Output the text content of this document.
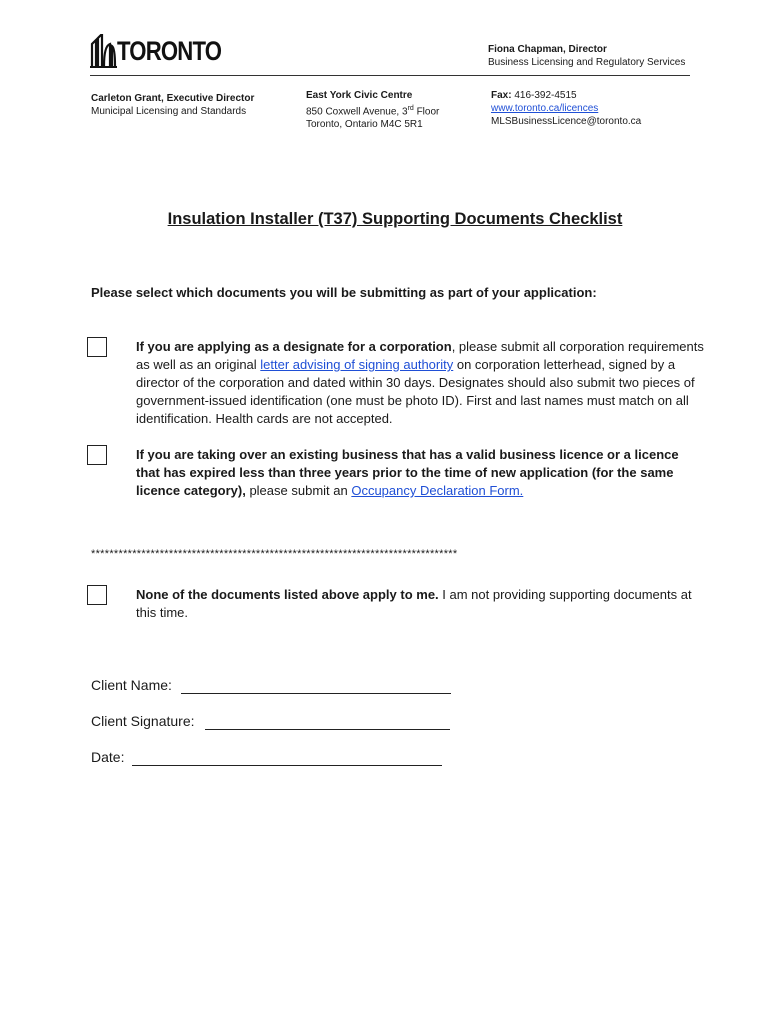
TORONTO	Fiona Chapman, Director
Business Licensing and Regulatory Services
Carleton Grant, Executive Director
Municipal Licensing and Standards
East York Civic Centre
850 Coxwell Avenue, 3rd Floor
Toronto, Ontario M4C 5R1
Fax: 416-392-4515
www.toronto.ca/licences
MLSBusinessLicence@toronto.ca
Insulation Installer (T37) Supporting Documents Checklist
Please select which documents you will be submitting as part of your application:
If you are applying as a designate for a corporation, please submit all corporation requirements as well as an original letter advising of signing authority on corporation letterhead, signed by a director of the corporation and dated within 30 days. Designates should also submit two pieces of government-issued identification (one must be photo ID). First and last names must match on all identification. Health cards are not accepted.
If you are taking over an existing business that has a valid business licence or a licence that has expired less than three years prior to the time of new application (for the same licence category), please submit an Occupancy Declaration Form.
********************************************************************************
None of the documents listed above apply to me. I am not providing supporting documents at this time.
Client Name:
Client Signature:
Date:
